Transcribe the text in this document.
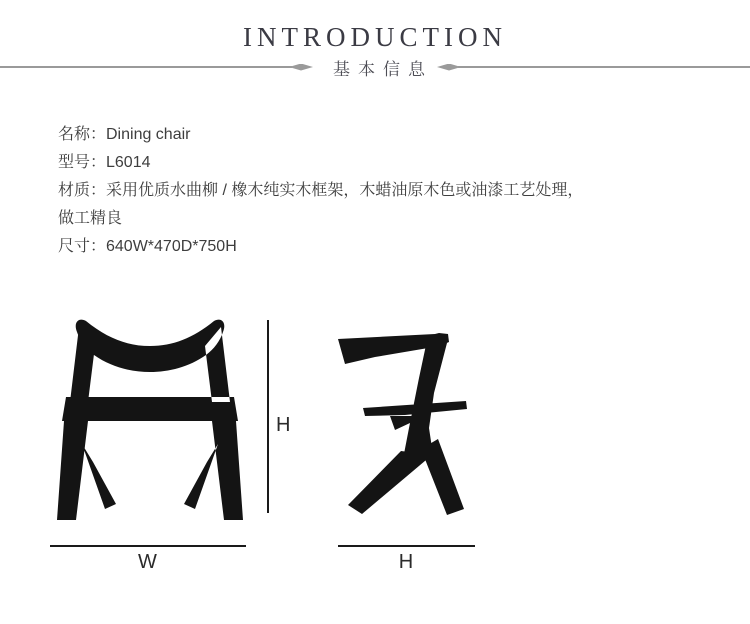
INTRODUCTION
基本信息

名称：Dining chair

型号：L6014

材质：采用优质水曲柳 / 橡木纯实木框架，木蜡油原木色或油漆工艺处理，

做工精良

尺寸：640W*470D*750H

H
W	H
